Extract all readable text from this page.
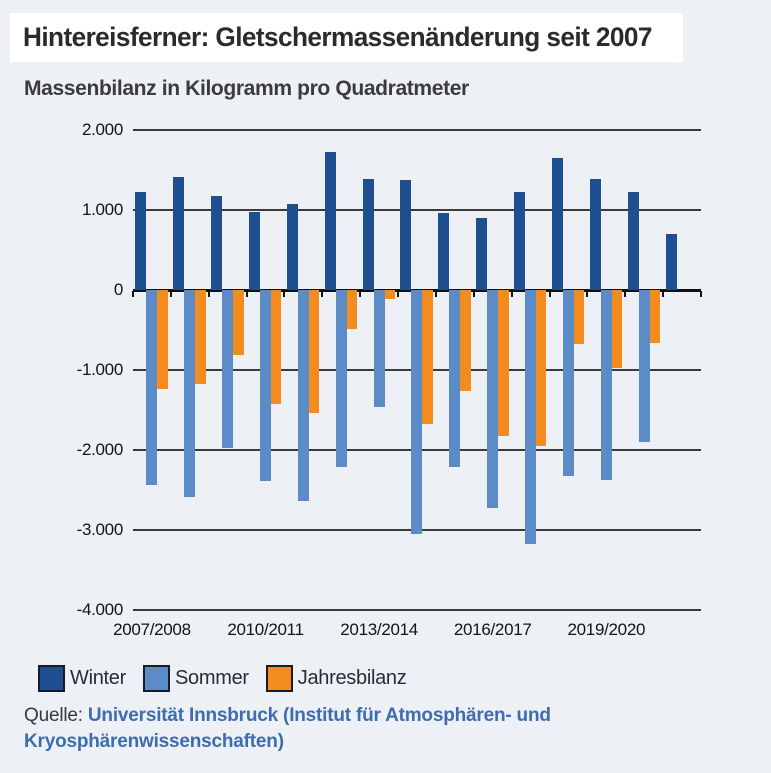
Hintereisferner: Gletschermassenänderung seit 2007
Massenbilanz in Kilogramm pro Quadratmeter
2.000
1.000
0
-1.000
-2.000
-3.000
-4.000
2007/2008	2010/2011	2013/2014	2016/2017	2019/2020
Winter Sommer Jahresbilanz
Quelle: Universität Innsbruck (Institut für Atmosphären- und Kryosphärenwissenschaften)
